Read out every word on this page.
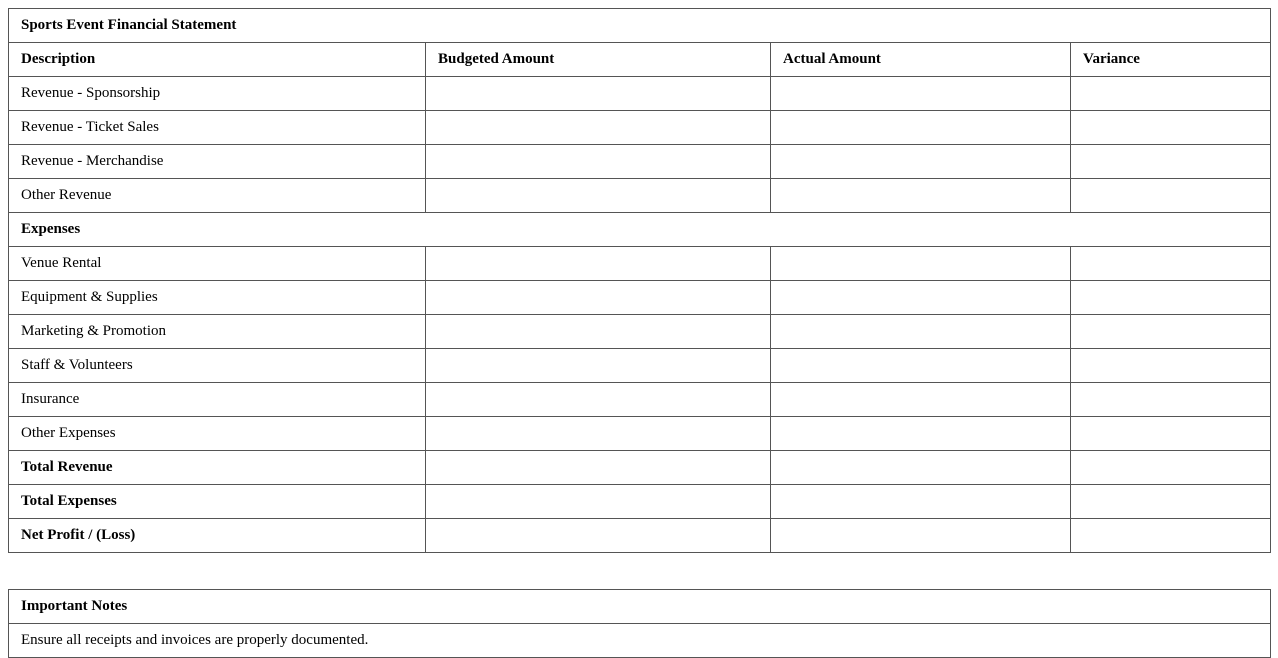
Sports Event Financial Statement			
Description	Budgeted Amount	Actual Amount	Variance
Revenue - Sponsorship			
Revenue - Ticket Sales			
Revenue - Merchandise			
Other Revenue			
Expenses			
Venue Rental			
Equipment & Supplies			
Marketing & Promotion			
Staff & Volunteers			
Insurance			
Other Expenses			
Total Revenue			
Total Expenses			
Net Profit / (Loss)			
Important Notes
Ensure all receipts and invoices are properly documented.
